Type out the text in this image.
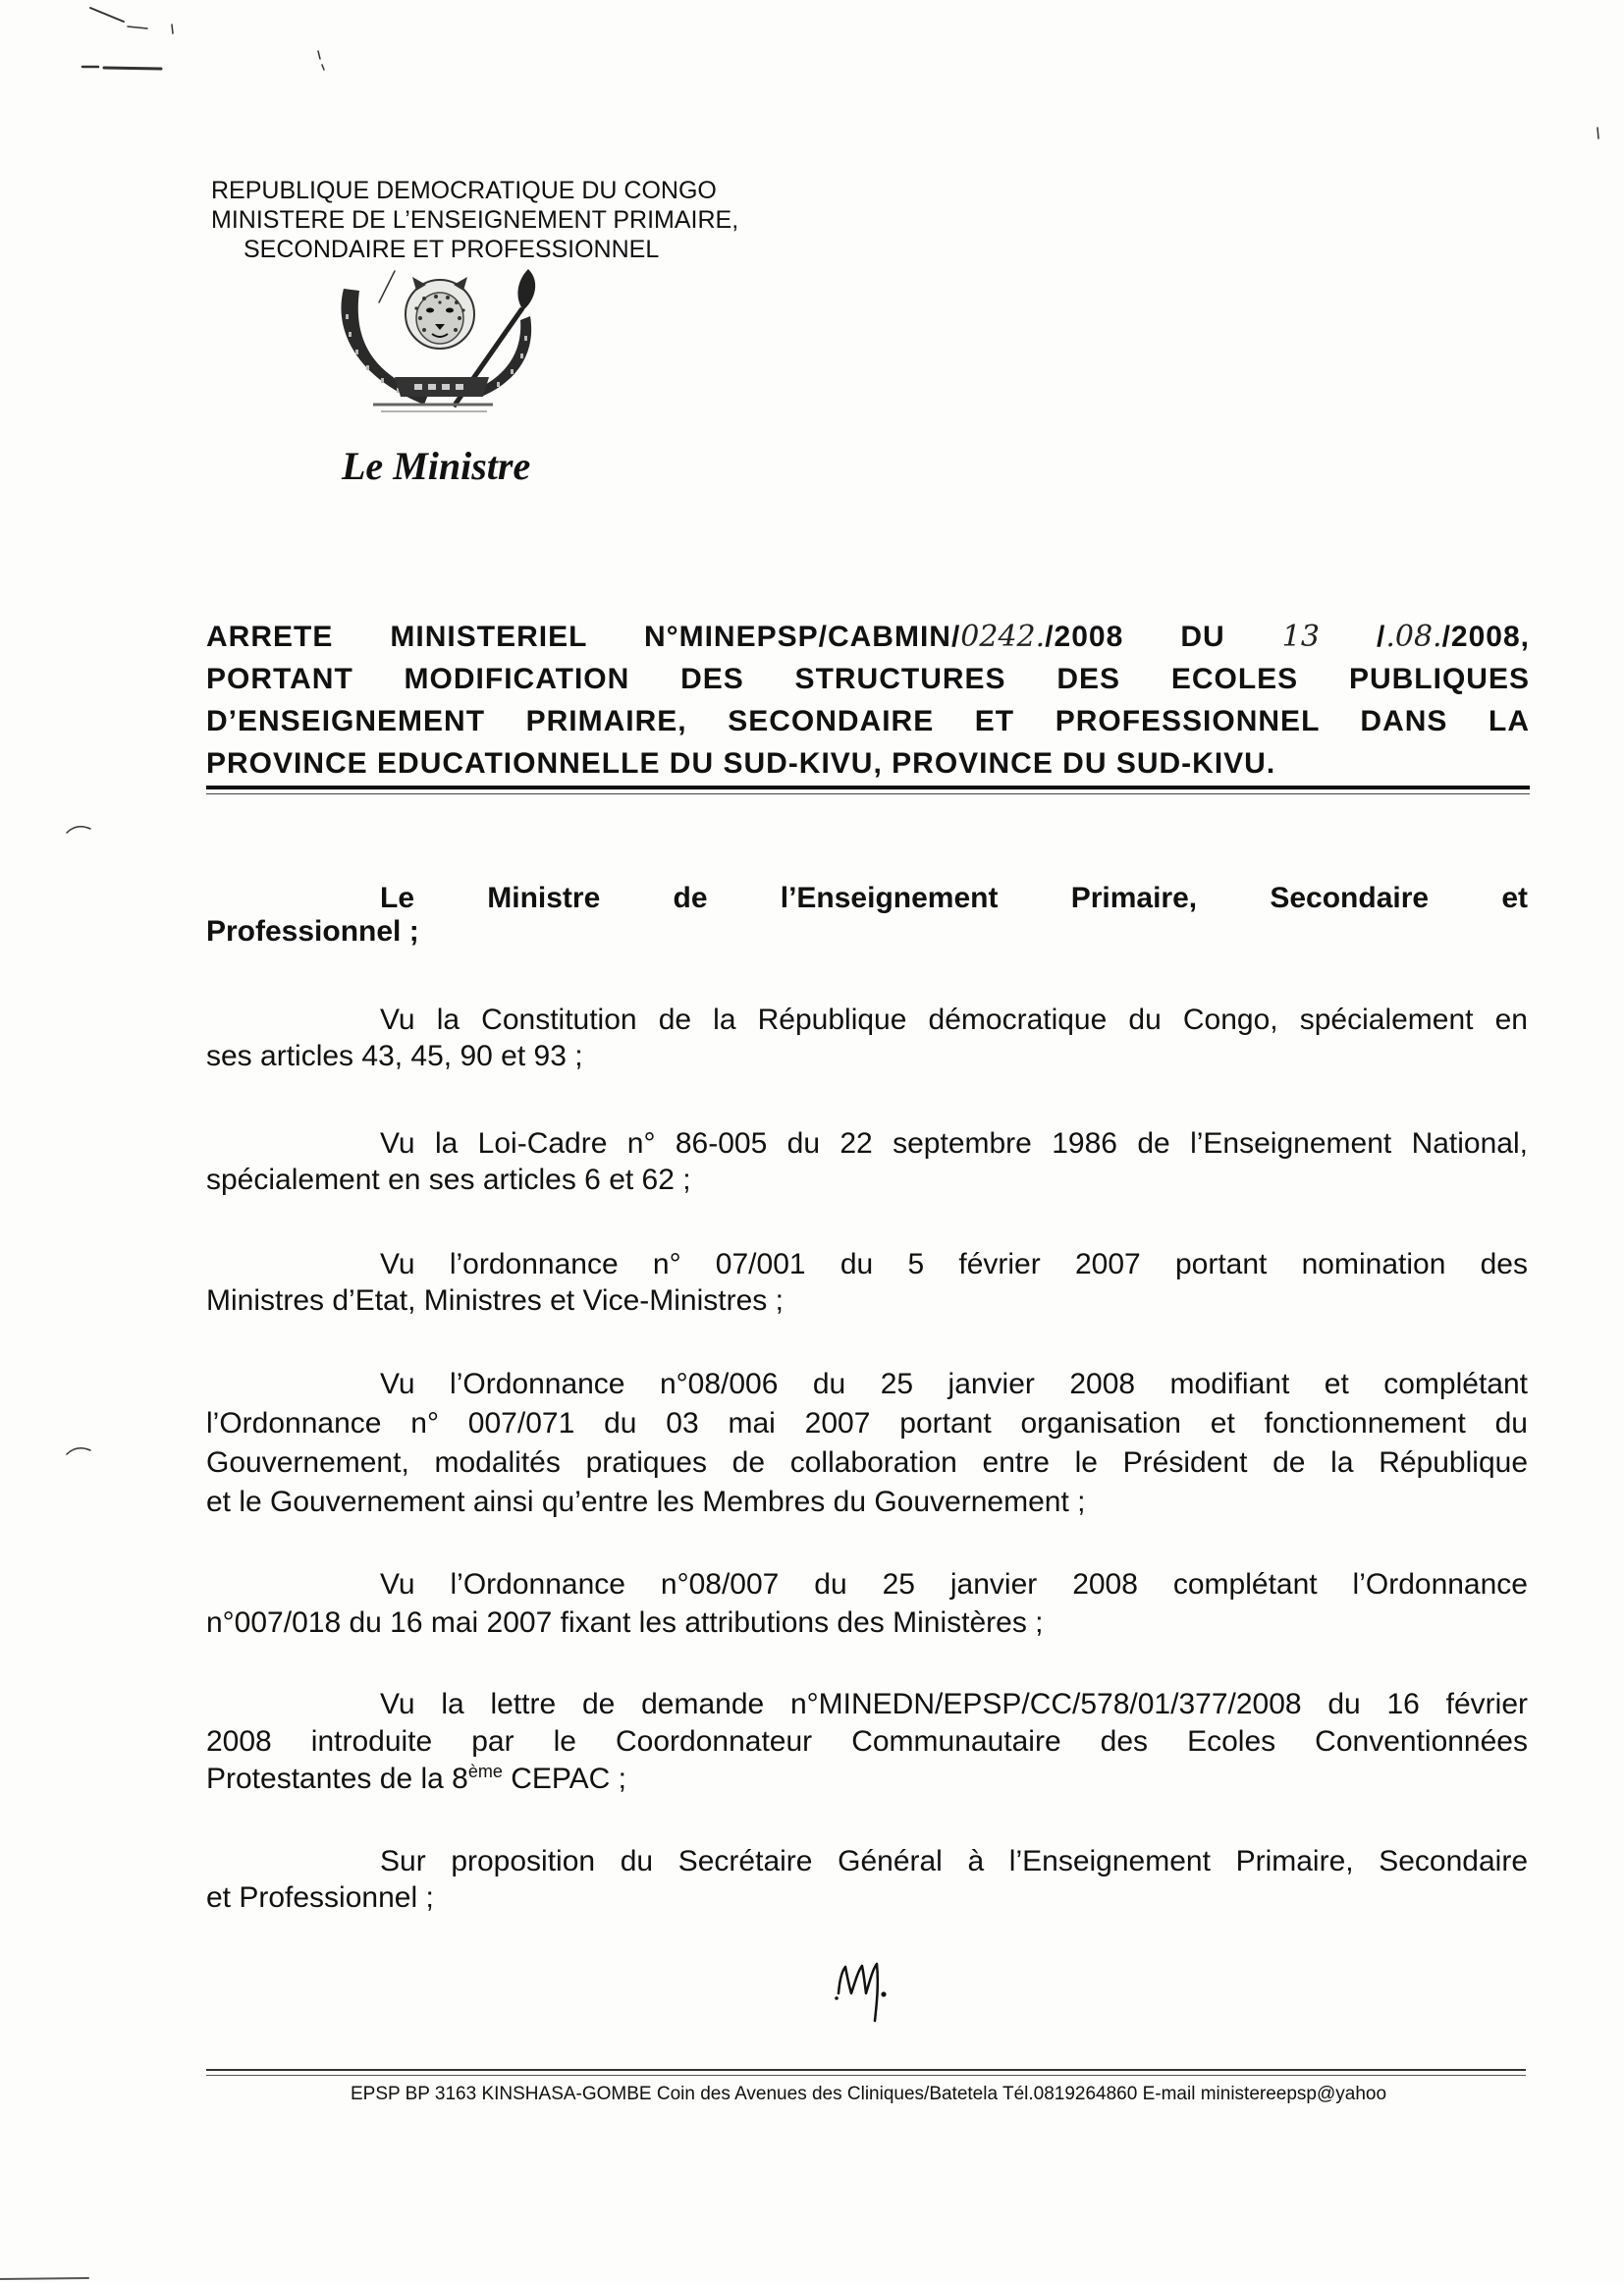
REPUBLIQUE DEMOCRATIQUE DU CONGO
MINISTERE DE L’ENSEIGNEMENT PRIMAIRE,
SECONDAIRE ET PROFESSIONNEL
Le Ministre
ARRETE MINISTERIEL N°MINEPSP/CABMIN/0242./2008 DU 13 /.08./2008,
PORTANT MODIFICATION DES STRUCTURES DES ECOLES PUBLIQUES
D’ENSEIGNEMENT PRIMAIRE, SECONDAIRE ET PROFESSIONNEL DANS LA
PROVINCE EDUCATIONNELLE DU SUD-KIVU, PROVINCE DU SUD-KIVU.
Le Ministre de l’Enseignement Primaire, Secondaire et
Professionnel ;
Vu la Constitution de la République démocratique du Congo, spécialement en
ses articles 43, 45, 90 et 93 ;
Vu la Loi-Cadre n° 86-005 du 22 septembre 1986 de l’Enseignement National,
spécialement en ses articles 6 et 62 ;
Vu l’ordonnance n° 07/001 du 5 février 2007 portant nomination des
Ministres d’Etat, Ministres et Vice-Ministres ;
Vu l’Ordonnance n°08/006 du 25 janvier 2008 modifiant et complétant
l’Ordonnance n° 007/071 du 03 mai 2007 portant organisation et fonctionnement du
Gouvernement, modalités pratiques de collaboration entre le Président de la République
et le Gouvernement ainsi qu’entre les Membres du Gouvernement ;
Vu l’Ordonnance n°08/007 du 25 janvier 2008 complétant l’Ordonnance
n°007/018 du 16 mai 2007 fixant les attributions des Ministères ;
Vu la lettre de demande n°MINEDN/EPSP/CC/578/01/377/2008 du 16 février
2008 introduite par le Coordonnateur Communautaire des Ecoles Conventionnées
Protestantes de la 8ème CEPAC ;
Sur proposition du Secrétaire Général à l’Enseignement Primaire, Secondaire
et Professionnel ;
EPSP BP 3163 KINSHASA-GOMBE Coin des Avenues des Cliniques/Batetela Tél.0819264860 E-mail ministereepsp@yahoo
